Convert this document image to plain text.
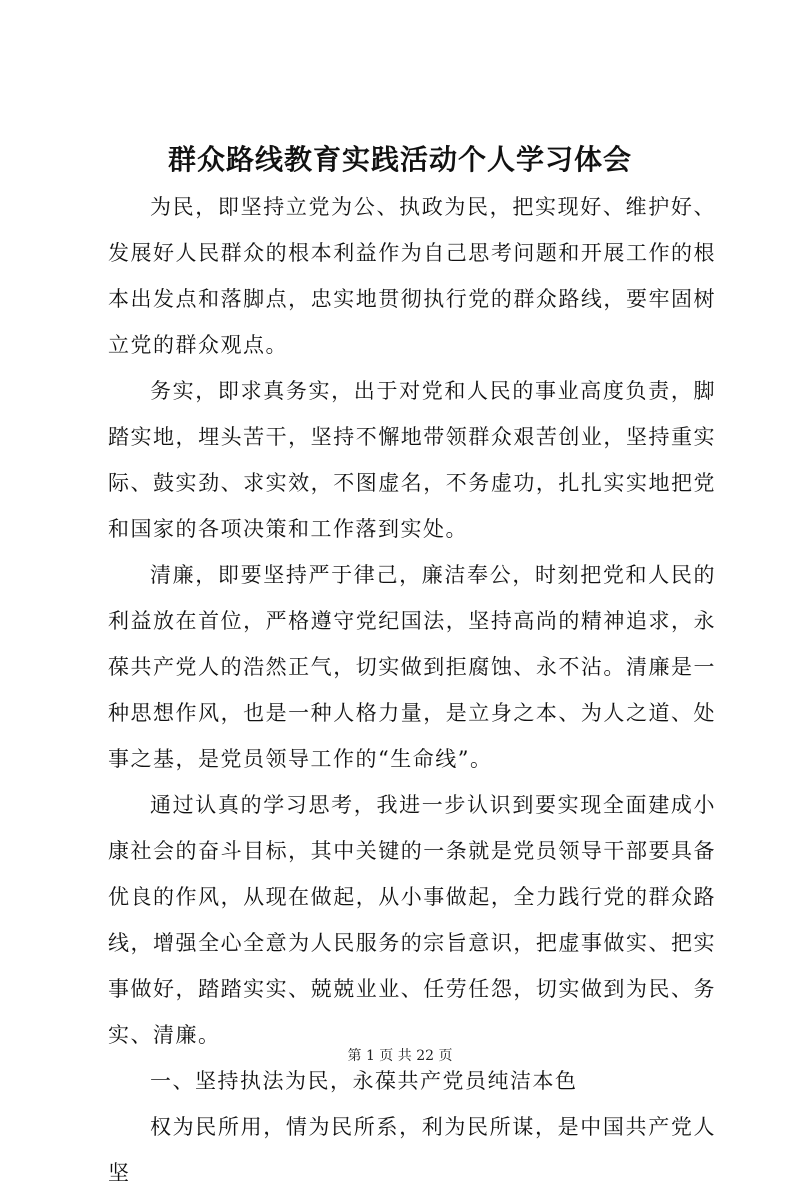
群众路线教育实践活动个人学习体会

为民，即坚持立党为公、执政为民，把实现好、维护好、发展好人民群众的根本利益作为自己思考问题和开展工作的根本出发点和落脚点，忠实地贯彻执行党的群众路线，要牢固树立党的群众观点。

务实，即求真务实，出于对党和人民的事业高度负责，脚踏实地，埋头苦干，坚持不懈地带领群众艰苦创业，坚持重实际、鼓实劲、求实效，不图虚名，不务虚功，扎扎实实地把党和国家的各项决策和工作落到实处。

清廉，即要坚持严于律己，廉洁奉公，时刻把党和人民的利益放在首位，严格遵守党纪国法，坚持高尚的精神追求，永葆共产党人的浩然正气，切实做到拒腐蚀、永不沾。清廉是一种思想作风，也是一种人格力量，是立身之本、为人之道、处事之基，是党员领导工作的“生命线”。

通过认真的学习思考，我进一步认识到要实现全面建成小康社会的奋斗目标，其中关键的一条就是党员领导干部要具备优良的作风，从现在做起，从小事做起，全力践行党的群众路线，增强全心全意为人民服务的宗旨意识，把虚事做实、把实事做好，踏踏实实、兢兢业业、任劳任怨，切实做到为民、务实、清廉。

一、坚持执法为民，永葆共产党员纯洁本色

权为民所用，情为民所系，利为民所谋，是中国共产党人坚

第 1 页 共 22 页
